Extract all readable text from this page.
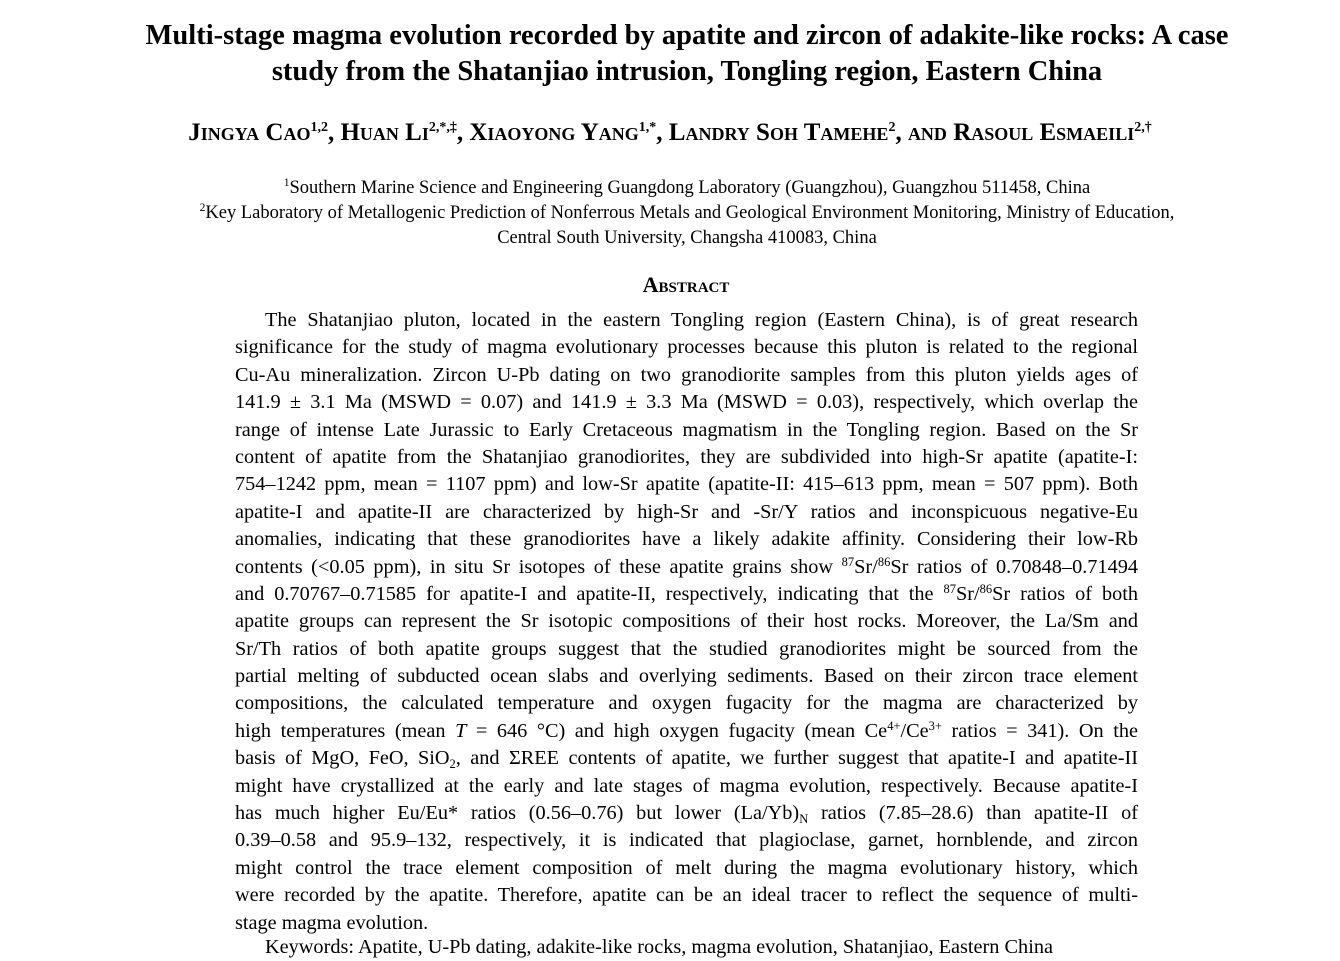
Multi-stage magma evolution recorded by apatite and zircon of adakite-like rocks: A case
study from the Shatanjiao intrusion, Tongling region, Eastern China
Jingya Cao$^{1,2}$, Huan $Li^{2,*,\ddagger}$, Xiaoyong Yang$^{1,*}$, Landry Soh Tamehe$^2$, and Rasoul Esmaeili$^{2,\dagger}$
$^1$Southern Marine Science and Engineering Guangdong Laboratory (Guangzhou), Guangzhou 511458, China
$^2$Key Laboratory of Metallogenic Prediction of Nonferrous Metals and Geological Environment Monitoring, Ministry of Education,
Central South University, Changsha 410083, China
Abstract
The Shatanjiao pluton, located in the eastern Tongling region (Eastern China), is of great research
significance for the study of magma evolutionary processes because this pluton is related to the regional
Cu-Au mineralization. Zircon U-Pb dating on two granodiorite samples from this pluton yields ages of
141.9 ± 3.1 Ma (MSWD = 0.07) and 141.9 ± 3.3 Ma (MSWD = 0.03), respectively, which overlap the
range of intense Late Jurassic to Early Cretaceous magmatism in the Tongling region. Based on the Sr
content of apatite from the Shatanjiao granodiorites, they are subdivided into high-Sr apatite (apatite-I:
754–1242 ppm, mean = 1107 ppm) and low-Sr apatite (apatite-II: 415–613 ppm, mean = 507 ppm). Both
apatite-I and apatite-II are characterized by high-Sr and -Sr/Y ratios and inconspicuous negative-Eu
anomalies, indicating that these granodiorites have a likely adakite affinity. Considering their low-Rb
contents (<0.05 ppm), in situ Sr isotopes of these apatite grains show $^{87}$Sr/$^{86}$Sr ratios of 0.70848–0.71494
and 0.70767–0.71585 for apatite-I and apatite-II, respectively, indicating that the $^{87}$Sr/$^{86}$Sr ratios of both
apatite groups can represent the Sr isotopic compositions of their host rocks. Moreover, the La/Sm and
Sr/Th ratios of both apatite groups suggest that the studied granodiorites might be sourced from the
partial melting of subducted ocean slabs and overlying sediments. Based on their zircon trace element
compositions, the calculated temperature and oxygen fugacity for the magma are characterized by
high temperatures (mean T = 646 °C) and high oxygen fugacity (mean $Ce^{4+}/Ce^{3+}$ ratios = 341). On the
basis of MgO, FeO, SiO$_2$, and ΣREE contents of apatite, we further suggest that apatite-I and apatite-II
might have crystallized at the early and late stages of magma evolution, respectively. Because apatite-I
has much higher Eu/Eu* ratios (0.56–0.76) but lower $(La/Yb)_N$ ratios (7.85–28.6) than apatite-II of
0.39–0.58 and 95.9–132, respectively, it is indicated that plagioclase, garnet, hornblende, and zircon
might control the trace element composition of melt during the magma evolutionary history, which
were recorded by the apatite. Therefore, apatite can be an ideal tracer to reflect the sequence of multi-
stage magma evolution.
Keywords: Apatite, U-Pb dating, adakite-like rocks, magma evolution, Shatanjiao, Eastern China
